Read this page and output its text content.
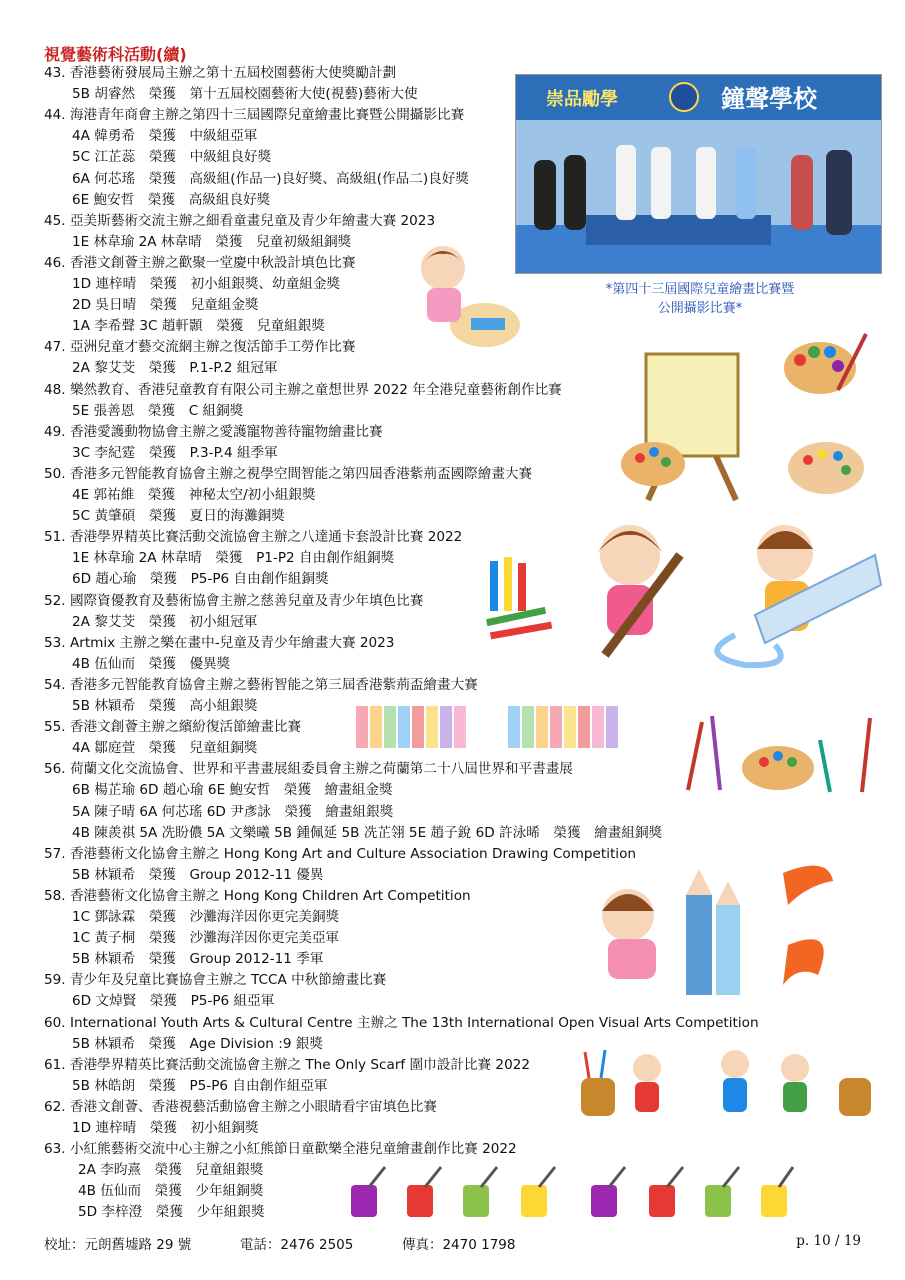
視覺藝術科活動(續)
43. 香港藝術發展局主辦之第十五屆校園藝術大使獎勵計劃
5B 胡睿然　榮獲　第十五屆校園藝術大使(視藝)藝術大使
44. 海港青年商會主辦之第四十三屆國際兒童繪畫比賽暨公開攝影比賽
4A 韓勇希　榮獲　中級組亞軍
5C 江芷蕊　榮獲　中級組良好獎
6A 何芯瑤　榮獲　高級組(作品一)良好獎、高級組(作品二)良好獎
6E 鮑安哲　榮獲　高級組良好獎
45. 亞美斯藝術交流主辦之細看童畫兒童及青少年繪畫大賽 2023
1E 林韋瑜 2A 林韋晴　榮獲　兒童初級組銅獎
46. 香港文創薈主辦之歡聚一堂慶中秋設計填色比賽
1D 連梓晴　榮獲　初小組銀獎、幼童組金獎
2D 吳日晴　榮獲　兒童組金獎
1A 李希聲 3C 趙軒顥　榮獲　兒童組銀獎
47. 亞洲兒童才藝交流網主辦之復活節手工勞作比賽
2A 黎艾芠　榮獲　P.1-P.2 組冠軍
48. 樂然教育、香港兒童教育有限公司主辦之童想世界 2022 年全港兒童藝術創作比賽
5E 張善恩　榮獲　C 組銅獎
49. 香港愛護動物協會主辦之愛護寵物善待寵物繪畫比賽
3C 李紀霆　榮獲　P.3-P.4 組季軍
50. 香港多元智能教育協會主辦之視學空間智能之第四屆香港紫荊盃國際繪畫大賽
4E 郭祐維　榮獲　神秘太空/初小組銀獎
5C 黃肇碩　榮獲　夏日的海灘銅獎
51. 香港學界精英比賽活動交流協會主辦之八達通卡套設計比賽 2022
1E 林韋瑜 2A 林韋晴　榮獲　P1-P2 自由創作組銅獎
6D 趙心瑜　榮獲　P5-P6 自由創作組銅獎
52. 國際資優教育及藝術協會主辦之慈善兒童及青少年填色比賽
2A 黎艾芠　榮獲　初小組冠軍
53. Artmix 主辦之樂在畫中-兒童及青少年繪畫大賽 2023
4B 伍仙而　榮獲　優異獎
54. 香港多元智能教育協會主辦之藝術智能之第三屆香港紫荊盃繪畫大賽
5B 林穎希　榮獲　高小組銀獎
55. 香港文創薈主辦之繽紛復活節繪畫比賽
4A 鄒庭萱　榮獲　兒童組銅獎
56. 荷蘭文化交流協會、世界和平書畫展組委員會主辦之荷蘭第二十八屆世界和平書畫展
6B 楊芷瑜 6D 趙心瑜 6E 鮑安哲　榮獲　繪畫組金獎
5A 陳子晴 6A 何芯瑤 6D 尹彥詠　榮獲　繪畫組銀獎
4B 陳羨祺 5A 冼盼儂 5A 文樂曦 5B 鍾佩延 5B 冼芷翎 5E 趙子銳 6D 許泳晞　榮獲　繪畫組銅獎
57. 香港藝術文化協會主辦之 Hong Kong Art and Culture Association Drawing Competition
5B 林穎希　榮獲　Group 2012-11 優異
58. 香港藝術文化協會主辦之 Hong Kong Children Art Competition
1C 鄧詠霖　榮獲　沙灘海洋因你更完美銅獎
1C 黃子桐　榮獲　沙灘海洋因你更完美亞軍
5B 林穎希　榮獲　Group 2012-11 季軍
59. 青少年及兒童比賽協會主辦之 TCCA 中秋節繪畫比賽
6D 文焯賢　榮獲　P5-P6 組亞軍
60. International Youth Arts & Cultural Centre 主辦之 The 13th International Open Visual Arts Competition
5B 林穎希　榮獲　Age Division :9 銀獎
61. 香港學界精英比賽活動交流協會主辦之 The Only Scarf 圍巾設計比賽 2022
5B 林皓朗　榮獲　P5-P6 自由創作組亞軍
62. 香港文創薈、香港視藝活動協會主辦之小眼睛看宇宙填色比賽
1D 連梓晴　榮獲　初小組銅獎
63. 小紅熊藝術交流中心主辦之小紅熊節日童歡樂全港兒童繪畫創作比賽 2022
2A 李昀熹　榮獲　兒童組銀獎
4B 伍仙而　榮獲　少年組銅獎
5D 李梓澄　榮獲　少年組銀獎
崇品勵學	鐘聲學校
*第四十三屆國際兒童繪畫比賽暨
公開攝影比賽*
校址：元朗舊墟路 29 號	電話：2476 2505	傳真：2470 1798	p. 10 / 19
